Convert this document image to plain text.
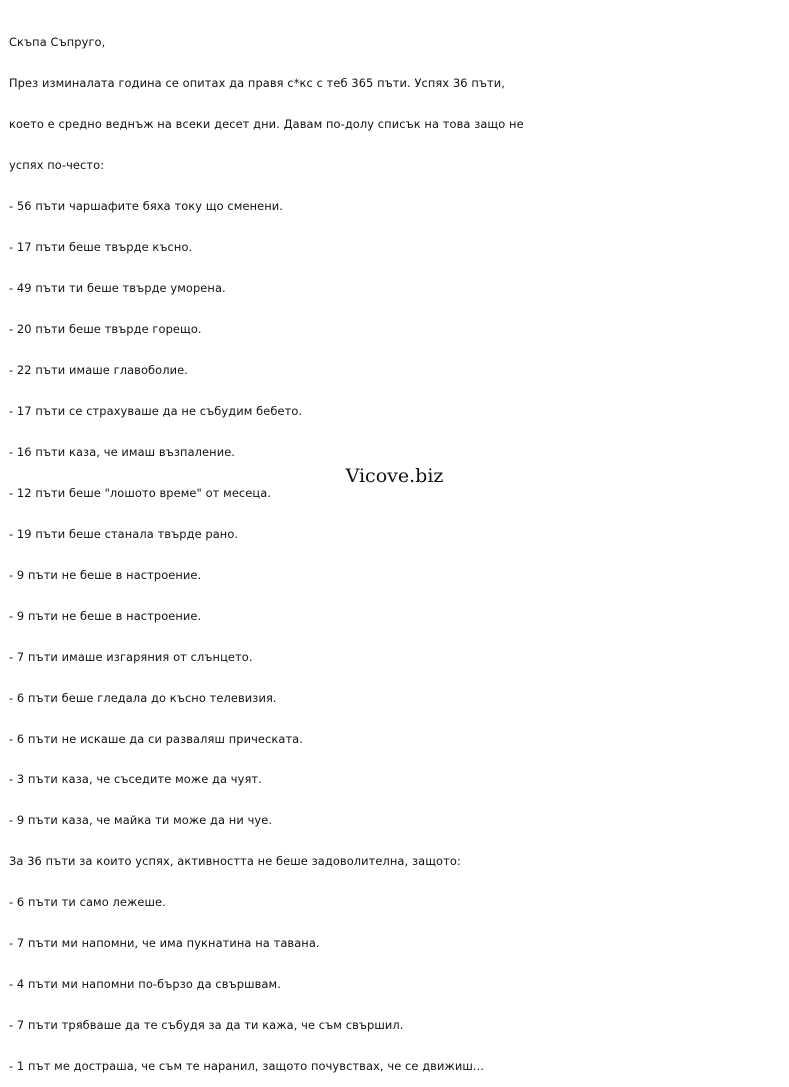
Скъпа Съпруго,

През изминалата година се опитах да правя с*кс с теб 365 пъти. Успях 36 пъти,

което е средно веднъж на всеки десет дни. Давам по-долу списък на това защо не

успях по-често:

- 56 пъти чаршафите бяха току що сменени.

- 17 пъти беше твърде късно.

- 49 пъти ти беше твърде уморена.

- 20 пъти беше твърде горещо.

- 22 пъти имаше главоболие.

- 17 пъти се страхуваше да не събудим бебето.

- 16 пъти каза, че имаш възпаление.

- 12 пъти беше "лошото време" от месеца.

- 19 пъти беше станала твърде рано.

- 9 пъти не беше в настроение.

- 9 пъти не беше в настроение.

- 7 пъти имаше изгаряния от слънцето.

- 6 пъти беше гледала до късно телевизия.

- 6 пъти не искаше да си разваляш прическата.

- 3 пъти каза, че съседите може да чуят.

- 9 пъти каза, че майка ти може да ни чуе.

За 36 пъти за които успях, активността не беше задоволителна, защото:

- 6 пъти ти само лежеше.

- 7 пъти ми напомни, че има пукнатина на тавана.

- 4 пъти ми напомни по-бързо да свършвам.

- 7 пъти трябваше да те събудя за да ти кажа, че съм свършил.

- 1 път ме достраша, че съм те наранил, защото почувствах, че се движиш...

Vicove.biz
